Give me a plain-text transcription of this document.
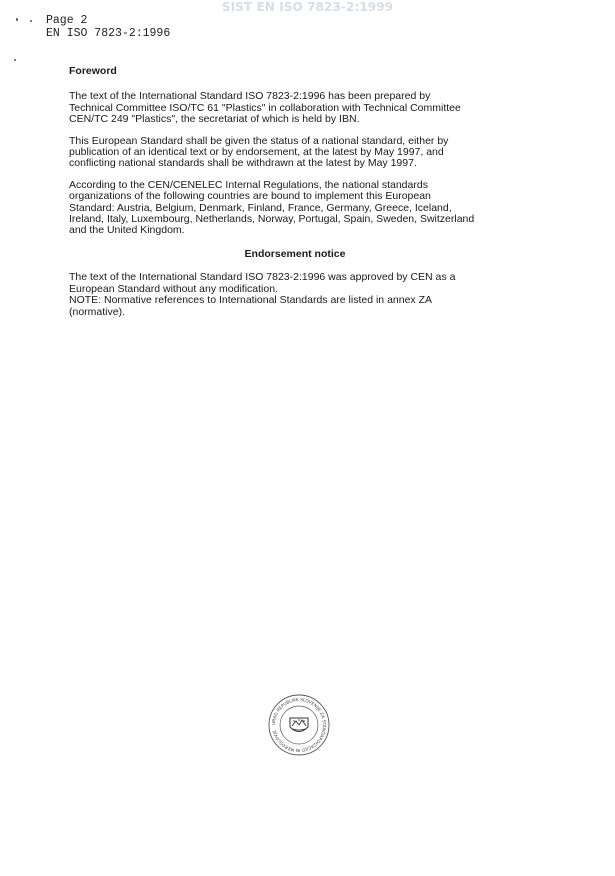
SIST EN ISO 7823-2:1999
Page 2
EN ISO 7823-2:1996
Foreword

The text of the International Standard ISO 7823-2:1996 has been prepared by
Technical Committee ISO/TC 61 "Plastics" in collaboration with Technical Committee
CEN/TC 249 "Plastics", the secretariat of which is held by IBN.

This European Standard shall be given the status of a national standard, either by
publication of an identical text or by endorsement, at the latest by May 1997, and
conflicting national standards shall be withdrawn at the latest by May 1997.

According to the CEN/CENELEC Internal Regulations, the national standards
organizations of the following countries are bound to implement this European
Standard: Austria, Belgium, Denmark, Finland, France, Germany, Greece, Iceland,
Ireland, Italy, Luxembourg, Netherlands, Norway, Portugal, Spain, Sweden, Switzerland
and the United Kingdom.

Endorsement notice

The text of the International Standard ISO 7823-2:1996 was approved by CEN as a
European Standard without any modification.
NOTE: Normative references to International Standards are listed in annex ZA
(normative).

URAD REPUBLIKE SLOVENIJE ZA STANDARDIZACIJO IN MEROSLOVJE
